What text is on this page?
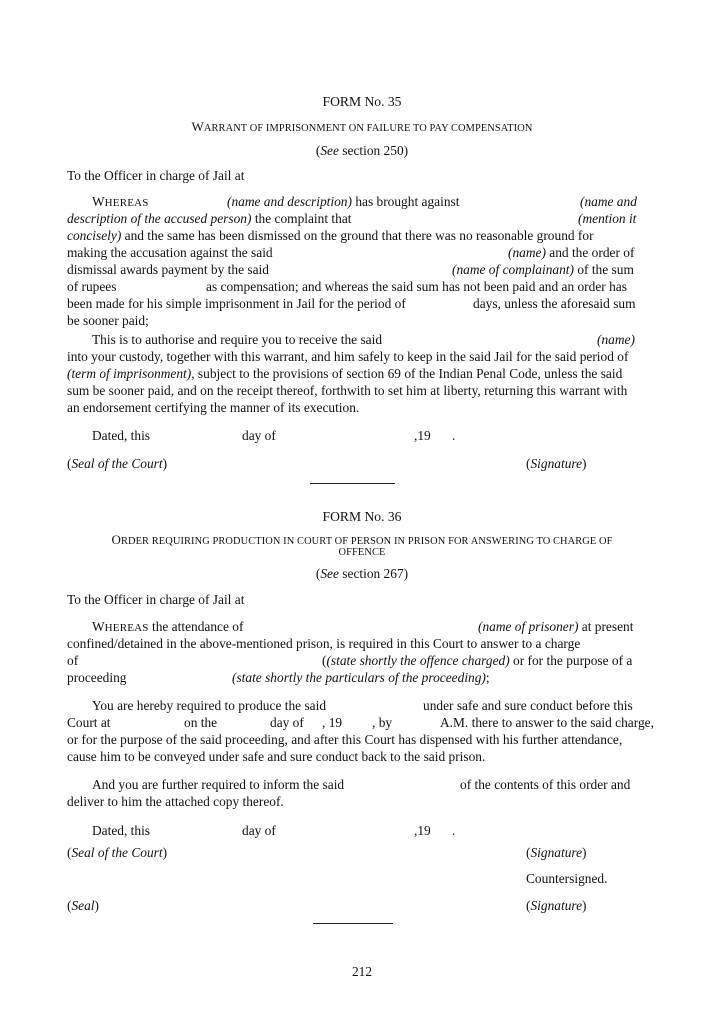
FORM No. 35
WARRANT OF IMPRISONMENT ON FAILURE TO PAY COMPENSATION
(See section 250)
To the Officer in charge of Jail at
WHEREAS	(name and description) has brought against	(name and
description of the accused person) the complaint that	(mention it
concisely) and the same has been dismissed on the ground that there was no reasonable ground for
making the accusation against the said	(name) and the order of
dismissal awards payment by the said	(name of complainant) of the sum
of rupees	as compensation; and whereas the said sum has not been paid and an order has
been made for his simple imprisonment in Jail for the period of	days, unless the aforesaid sum
be sooner paid;
This is to authorise and require you to receive the said	(name)
into your custody, together with this warrant, and him safely to keep in the said Jail for the said period of
(term of imprisonment), subject to the provisions of section 69 of the Indian Penal Code, unless the said
sum be sooner paid, and on the receipt thereof, forthwith to set him at liberty, returning this warrant with
an endorsement certifying the manner of its execution.
Dated, this	day of	,19 .
(Seal of the Court)	(Signature)
FORM No. 36
ORDER REQUIRING PRODUCTION IN COURT OF PERSON IN PRISON FOR ANSWERING TO CHARGE OF
OFFENCE
(See section 267)
To the Officer in charge of Jail at
WHEREAS the attendance of	(name of prisoner) at present
confined/detained in the above-mentioned prison, is required in this Court to answer to a charge
of	((state shortly the offence charged) or for the purpose of a
proceeding	(state shortly the particulars of the proceeding);
You are hereby required to produce the said	under safe and sure conduct before this
Court at	on the	day of , 19 , by	A.M. there to answer to the said charge,
or for the purpose of the said proceeding, and after this Court has dispensed with his further attendance,
cause him to be conveyed under safe and sure conduct back to the said prison.
And you are further required to inform the said	of the contents of this order and
deliver to him the attached copy thereof.
Dated, this	day of	,19 .
(Seal of the Court)	(Signature)
Countersigned.
(Seal)	(Signature)
212
